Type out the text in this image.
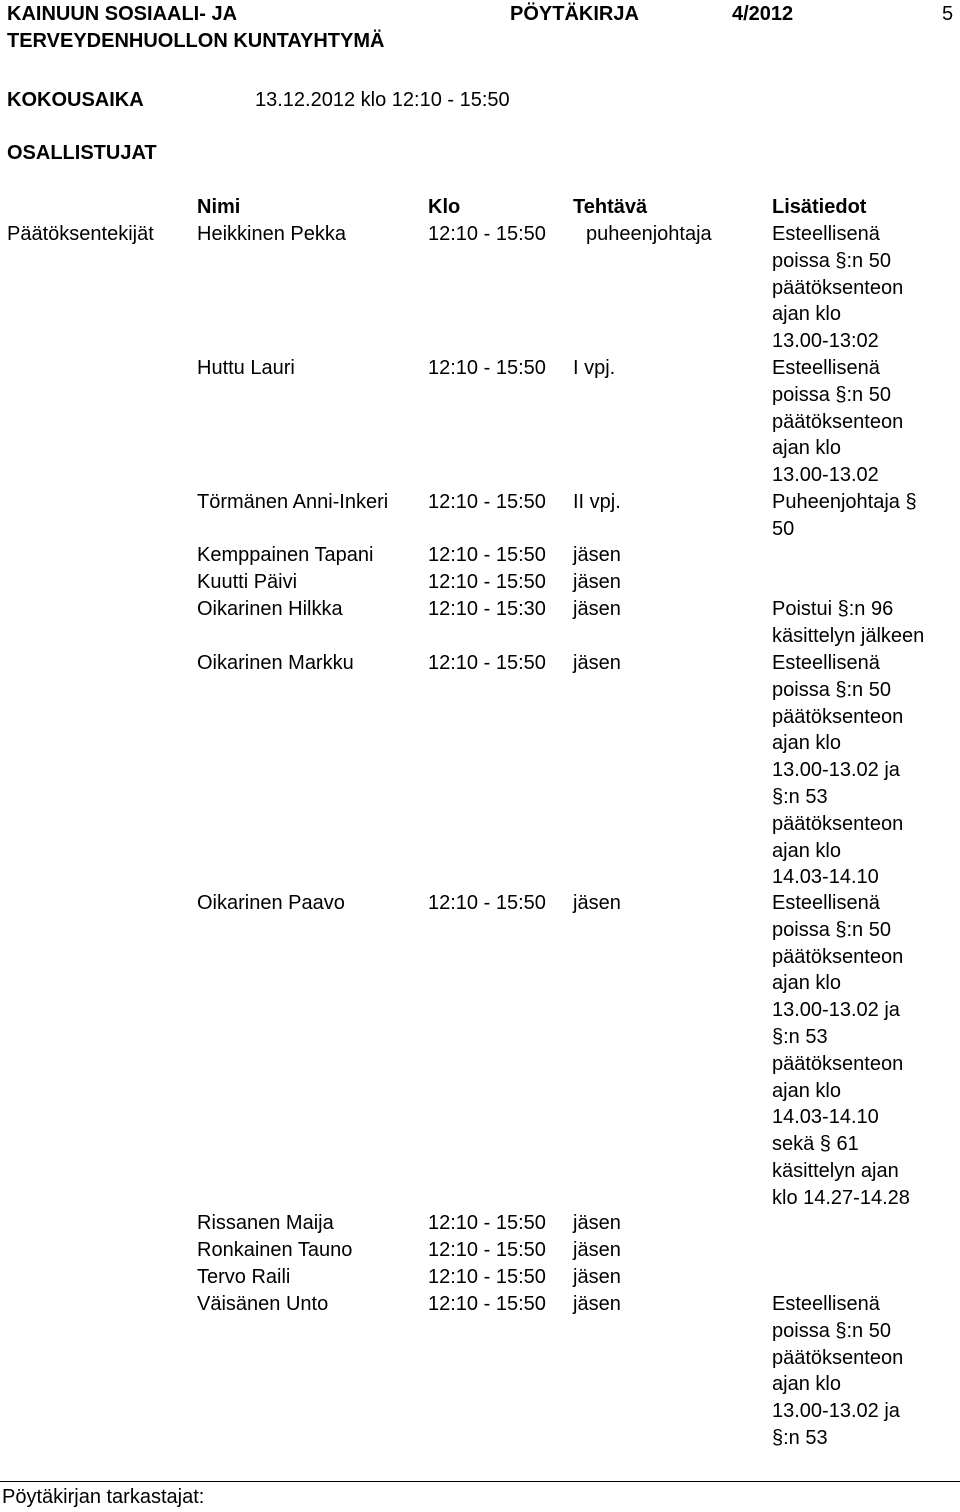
KAINUUN SOSIAALI- JA
TERVEYDENHUOLLON KUNTAYHTYMÄ
PÖYTÄKIRJA	4/2012	5
KOKOUSAIKA	13.12.2012 klo 12:10 - 15:50
OSALLISTUJAT
Nimi	Klo	Tehtävä	Lisätiedot
Päätöksentekijät Heikkinen Pekka	12:10 - 15:50 puheenjohtaja	Esteellisenä
poissa §:n 50
päätöksenteon
ajan klo
13.00-13:02
Huttu Lauri	12:10 - 15:50 I vpj.	Esteellisenä
poissa §:n 50
päätöksenteon
ajan klo
13.00-13.02
Törmänen Anni-Inkeri 12:10 - 15:50 II vpj.	Puheenjohtaja §
50
Kemppainen Tapani	12:10 - 15:50 jäsen
Kuutti Päivi	12:10 - 15:50 jäsen
Oikarinen Hilkka	12:10 - 15:30 jäsen	Poistui §:n 96
käsittelyn jälkeen
Oikarinen Markku	12:10 - 15:50 jäsen	Esteellisenä
poissa §:n 50
päätöksenteon
ajan klo
13.00-13.02 ja
§:n 53
päätöksenteon
ajan klo
14.03-14.10
Oikarinen Paavo	12:10 - 15:50 jäsen	Esteellisenä
poissa §:n 50
päätöksenteon
ajan klo
13.00-13.02 ja
§:n 53
päätöksenteon
ajan klo
14.03-14.10
sekä § 61
käsittelyn ajan
klo 14.27-14.28
Rissanen Maija	12:10 - 15:50 jäsen
Ronkainen Tauno	12:10 - 15:50 jäsen
Tervo Raili	12:10 - 15:50 jäsen
Väisänen Unto	12:10 - 15:50 jäsen	Esteellisenä
poissa §:n 50
päätöksenteon
ajan klo
13.00-13.02 ja
§:n 53
Pöytäkirjan tarkastajat:
